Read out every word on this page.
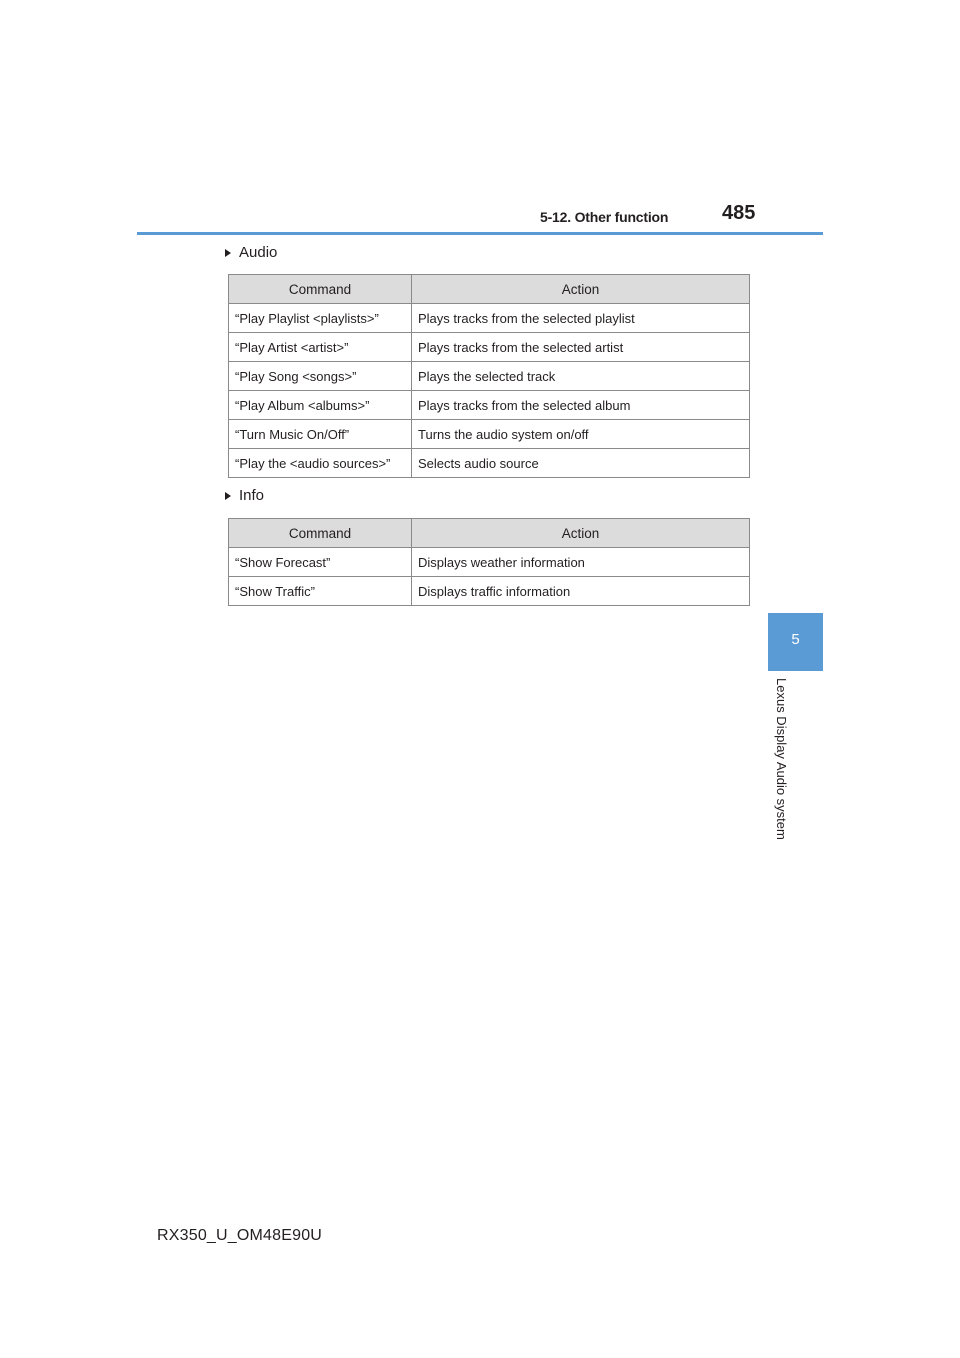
5-12. Other function	485
5
Lexus Display Audio system
Audio
Command	Action
“Play Playlist <playlists>”	Plays tracks from the selected playlist
“Play Artist <artist>”	Plays tracks from the selected artist
“Play Song <songs>”	Plays the selected track
“Play Album <albums>”	Plays tracks from the selected album
“Turn Music On/Off”	Turns the audio system on/off
“Play the <audio sources>”	Selects audio source
Info
Command	Action
“Show Forecast”	Displays weather information
“Show Traffic”	Displays traffic information
RX350_U_OM48E90U
